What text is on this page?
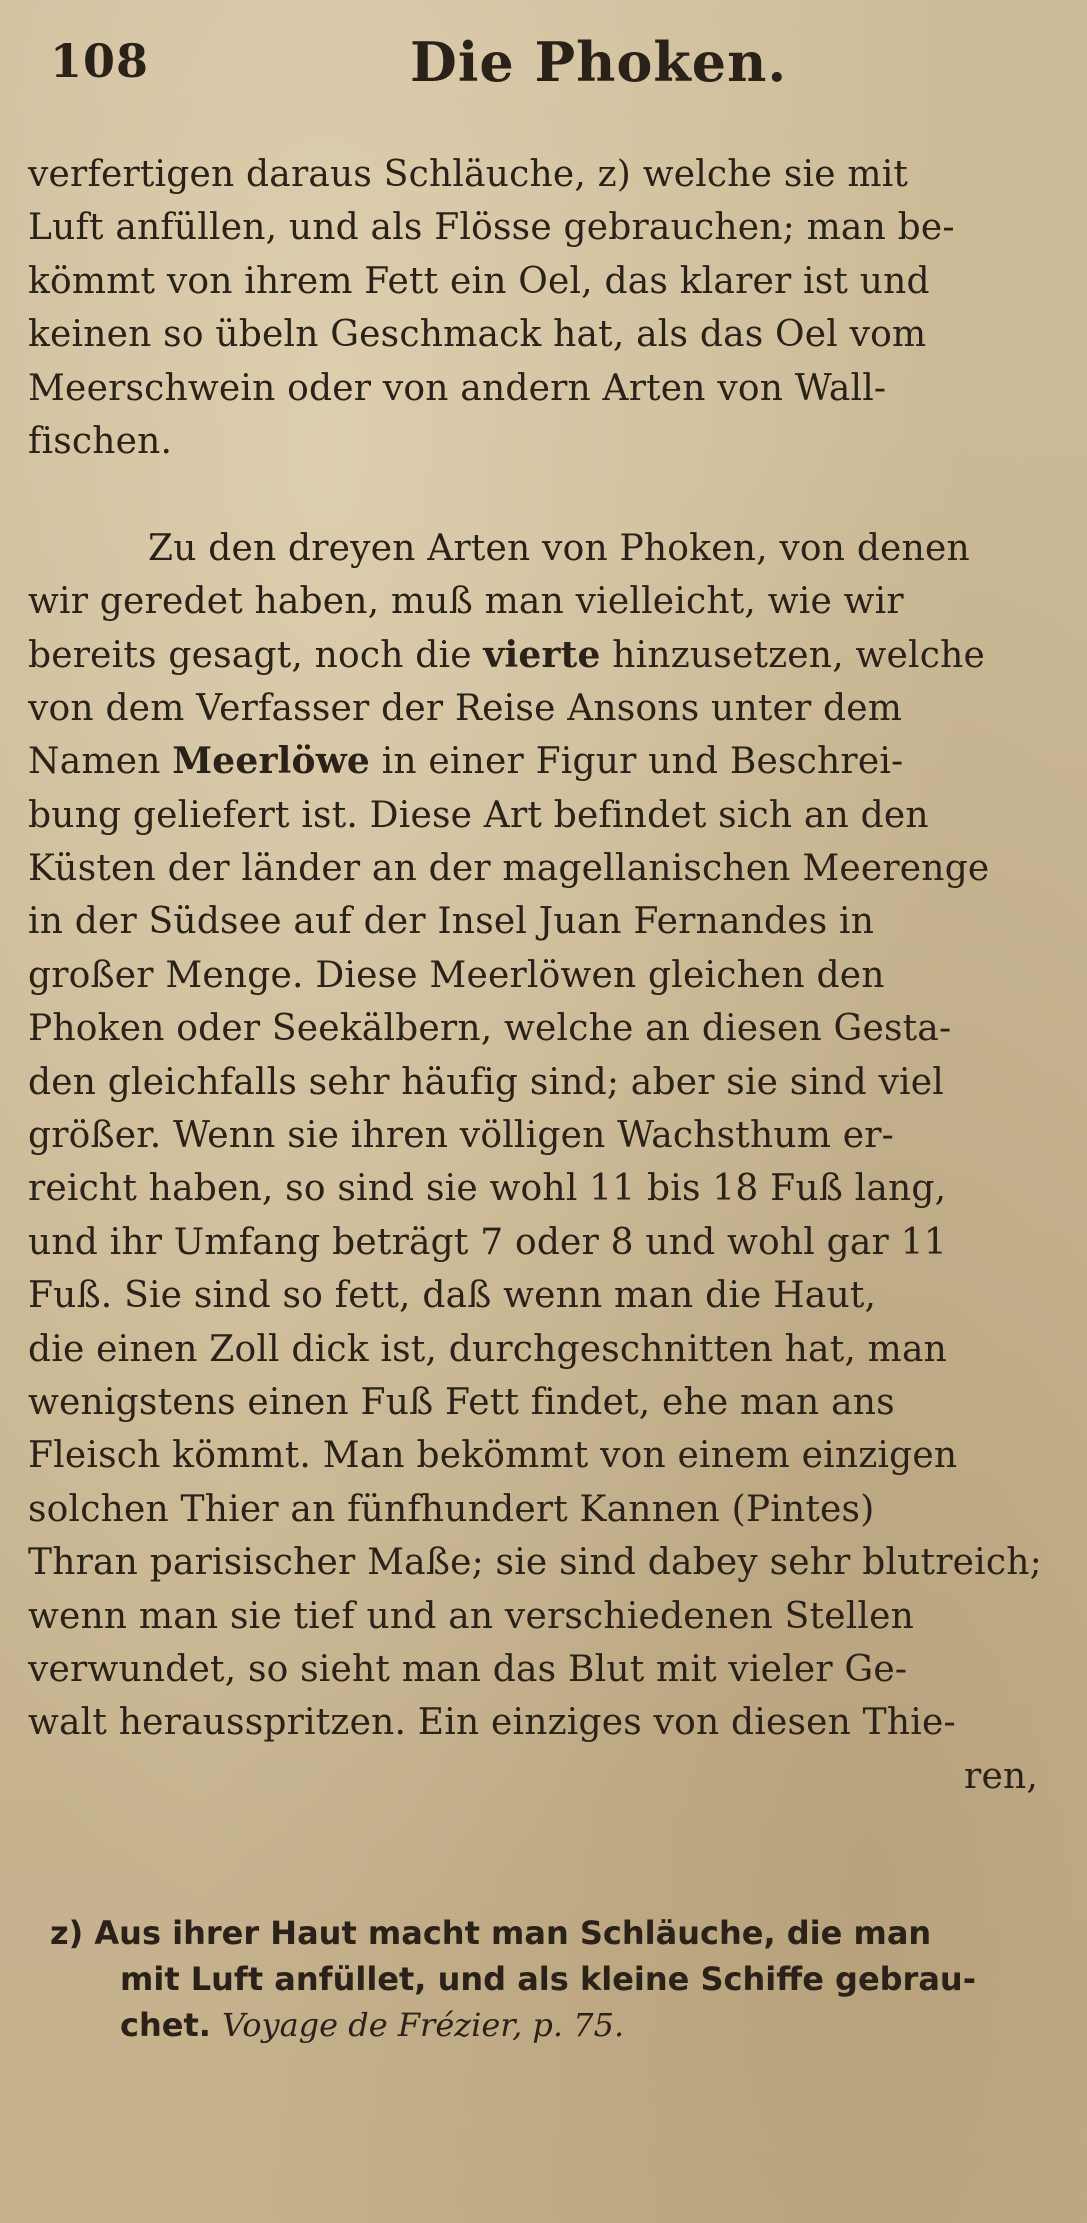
108	Die Phoken.
verfertigen daraus Schläuche, z) welche sie mit
Luft anfüllen, und als Flösse gebrauchen; man be-
kömmt von ihrem Fett ein Oel, das klarer ist und
keinen so übeln Geschmack hat, als das Oel vom
Meerschwein oder von andern Arten von Wall-
fischen.
Zu den dreyen Arten von Phoken, von denen
wir geredet haben, muß man vielleicht, wie wir
bereits gesagt, noch die vierte hinzusetzen, welche
von dem Verfasser der Reise Ansons unter dem
Namen Meerlöwe in einer Figur und Beschrei-
bung geliefert ist. Diese Art befindet sich an den
Küsten der länder an der magellanischen Meerenge
in der Südsee auf der Insel Juan Fernandes in
großer Menge. Diese Meerlöwen gleichen den
Phoken oder Seekälbern, welche an diesen Gesta-
den gleichfalls sehr häufig sind; aber sie sind viel
größer. Wenn sie ihren völligen Wachsthum er-
reicht haben, so sind sie wohl 11 bis 18 Fuß lang,
und ihr Umfang beträgt 7 oder 8 und wohl gar 11
Fuß. Sie sind so fett, daß wenn man die Haut,
die einen Zoll dick ist, durchgeschnitten hat, man
wenigstens einen Fuß Fett findet, ehe man ans
Fleisch kömmt. Man bekömmt von einem einzigen
solchen Thier an fünfhundert Kannen (Pintes)
Thran parisischer Maße; sie sind dabey sehr blutreich;
wenn man sie tief und an verschiedenen Stellen
verwundet, so sieht man das Blut mit vieler Ge-
walt herausspritzen. Ein einziges von diesen Thie-
ren,
z) Aus ihrer Haut macht man Schläuche, die man
mit Luft anfüllet, und als kleine Schiffe gebrau-
chet. Voyage de Frézier, p. 75.
